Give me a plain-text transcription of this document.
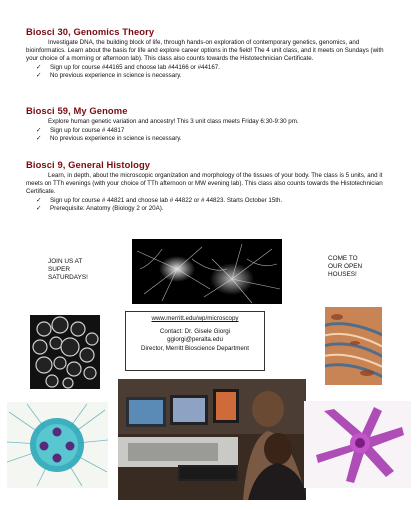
Biosci 30, Genomics Theory

Investigate DNA, the building block of life, through hands-on exploration of contemporary genetics, genomics, and bioinformatics. Learn about the basis for life and explore career options in the field! The 4 unit class, and it meets on Sundays (with your choice of a morning or afternoon lab). This class also counts towards the Histotechnician Certificate.

✓ Sign up for course #44165 and choose lab #44166 or #44167.
✓ No previous experience in science is necessary.
Biosci 59, My Genome

Explore human genetic variation and ancestry! This 3 unit class meets Friday 6:30-9:30 pm.

✓ Sign up for course # 44817
✓ No previous experience in science is necessary.
Biosci 9, General Histology

Learn, in depth, about the microscopic organization and morphology of the tissues of your body. The class is 5 units, and it meets on TTh evenings (with your choice of TTh afternoon or MW evening lab). This class also counts towards the Histotechnician Certificate.

✓ Sign up for course # 44821 and choose lab # 44822 or # 44823. Starts October 15th.
✓ Prerequisite: Anatomy (Biology 2 or 20A).
JOIN US AT
SUPER
SATURDAYS!
COME TO
OUR OPEN
HOUSES!
www.merritt.edu/wp/microscopy
Contact: Dr. Gisele Giorgi
ggiorgi@peralta.edu
Director, Merritt Bioscience Department
